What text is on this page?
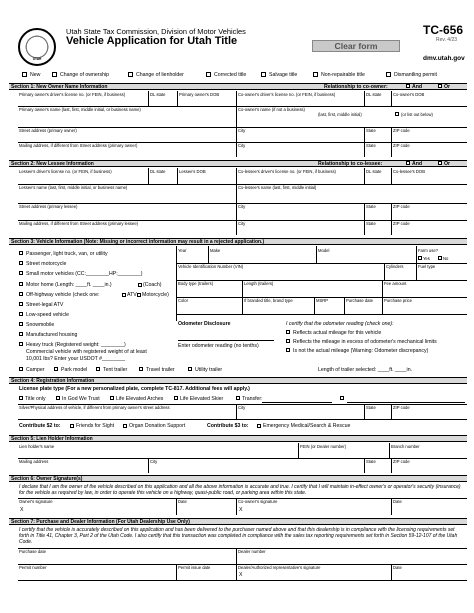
UTAH
Utah State Tax Commission, Division of Motor Vehicles
Vehicle Application for Utah Title
TC-656
Rev. 4/23
Clear form
dmv.utah.gov
New	Change of ownership	Change of lienholder	Corrected title	Salvage title	Non-repairable title	Dismantling permit
Section 1: New Owner Name Information	Relationship to co-owner:	And	Or
Primary owner's driver's license no. (or FEIN, if business)	DL state	Primary owner's DOB	Co-owner's driver's license no. (or FEIN, if business)	DL state	Co-owner's DOB
Primary owner's name (last, first, middle initial, or business name)	Co-owner's name (if not a business)
(last, first, middle initial)	(or list out below)
Street address (primary owner)	City	State	ZIP code
Mailing address, if different from Street address (primary owner)	City	State	ZIP code
Section 2: New Lessee Information	Relationship to co-lessee:	And	Or
Lessee's driver's license no. (or FEIN, if business)	DL state	Lessee's DOB	Co-lessee's driver's license no. (or FEIN, if business)	DL state	Co-lessee's DOB
Lessee's name (last, first, middle initial, or business name)	Co-lessee's name (last, first, middle initial)
Street address (primary lessee)	City	State	ZIP code
Mailing address, if different from Street address (primary lessee)	City	State	ZIP code
Section 3: Vehicle Information (Note: Missing or incorrect information may result in a rejected application.)
Passenger, light truck, van, or utility
Street motorcycle
Small motor vehicles (CC:________HP:________)
Motor home (Length: ____ft. ____in.)	(Coach)
Off-highway vehicle (check one:	ATV Motorcycle)
Street-legal ATV
Low-speed vehicle
Snowmobile
Manufactured housing
Heavy truck (Registered weight: ________)
Commercial vehicle with registered weight of at least
10,001 lbs? Enter your USDOT #________
Year	Make	Model	Farm use?
Yes	No
Vehicle Identification Number (VIN)	Cylinders	Fuel type
Body type (trailers)	Length (trailers)	Fee amount
Color	If branded title, brand type	MSRP	Purchase date	Purchase price
Odometer Disclosure
Enter odometer reading (no tenths)
I certify that the odometer reading (check one):
Reflects actual mileage for this vehicle
Reflects the mileage in excess of odometer's mechanical limits
Is not the actual mileage (Warning: Odometer discrepancy)
Camper	Park model	Tent trailer	Travel trailer	Utility trailer	Length of trailer selected: ____ft. ____in.
Section 4: Registration Information
License plate type (For a new personalized plate, complete TC-817. Additional fees will apply.)
Title only	In God We Trust	Life Elevated Arches	Life Elevated Skier	Transfer:
Silver/Physical address of vehicle, if different from primary owner's street address	City	State	ZIP code
Contribute $2 to:	Friends for Sight	Organ Donation Support	Contribute $3 to:	Emergency Medical/Search & Rescue
Section 5: Lien Holder Information
Lien holder's name	FEIN (or Dealer number)	Branch number
Mailing address	City	State	ZIP code
Section 6: Owner Signature(s)
I declare that I am the owner of the vehicle described on this application and all the above information is accurate and true. I certify that I will maintain in-effect owner's or operator's security (insurance) for the vehicle as required by law, in order to operate this vehicle on a highway, quasi-public road, or parking area within this state.
Owner's signature	Date	Co-owner's signature	Date
X	X
Section 7: Purchase and Dealer Information (For Utah Dealership Use Only)
I certify that the vehicle is accurately described on this application and has been delivered to the purchaser named above and that this dealership is in compliance with the licensing requirements set forth in Title 41, Chapter 3, Part 2 of the Utah Code. I also certify that this transaction was completed in compliance with the sales tax reporting requirements set forth in Section 59-12-107 of the Utah Code.
Purchase date	Dealer number
Permit number	Permit issue date	Dealer/Authorized representative's signature	Date
X
